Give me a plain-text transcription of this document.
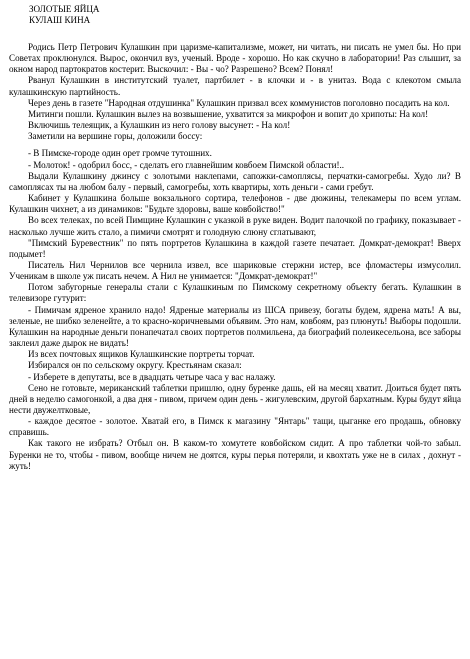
ЗОЛОТЫЕ ЯЙЦА
КУЛАШ КИНА

Родись Петр Петрович Кулашкин при царизме-капитализме, может, ни читать, ни писать не умел бы. Но при Советах проклюнулся. Вырос, окончил вуз, ученый. Вроде - хорошо. Но как скучно в лаборатории! Раз слышит, за окном народ партократов костерит. Выскочил: - Вы - чо? Разрешено? Всем? Понял!

Рванул Кулашкин в институтский туалет, партбилет - в клочки и - в унитаз. Вода с клекотом смыла кулашкинскую партийность.

Через день в газете "Народная отдушинка" Кулашкин призвал всех коммунистов поголовно посадить на кол.

Митинги пошли. Кулашкин вылез на возвышение, ухватится за микрофон и вопит до хрипоты: На кол!

Включишь телеящик, а Кулашкин из него голову высунет: - На кол!

Заметили на вершине горы, доложили боссу:

- В Пимске-городе один орет громче тутошних.

- Молоток! - одобрил босс, - сделать его главнейшим ковбоем Пимской области!..

Выдали Кулашкину джинсу с золотыми наклепами, сапожки-самоплясы, перчатки-самогребы. Худо ли? В самоплясах ты на любом балу - первый, самогребы, хоть квартиры, хоть деньги - сами гребут.

Кабинет у Кулашкина больше вокзального сортира, телефонов - две дюжины, телекамеры по всем углам. Кулашкин чихнет, а из динамиков: "Будьте здоровы, ваше ковбойство!"

Во всех телеках, по всей Пимщине Кулашкин с указкой в руке виден. Водит палочкой по графику, показывает - насколько лучше жить стало, а пимичи смотрят и голодную слюну сглатывают,

"Пимский Буревестник" по пять портретов Кулашкина в каждой газете печатает. Домкрат-демократ! Вверх подымет!

Писатель Нил Чернилов все чернила извел, все шариковые стержни истер, все фломастеры измусолил. Ученикам в школе уж писать нечем. А Нил не унимается: "Домкрат-демократ!"

Потом забугорные генералы стали с Кулашкиным по Пимскому секретному объекту бегать. Кулашкин в телевизоре гутурит:

- Пимичам ядреное хранило надо! Ядреные материалы из ШСА привезу, богаты будем, ядрена мать! А вы, зеленые, не шибко зеленейте, а то красно-коричневыми объявим. Это нам, ковбоям, раз плюнуть! Выборы подошли. Кулашкин на народные деньги понапечатал своих портретов полмильена, да биографий полеикесельона, все заборы заклеил даже дырок не видать!

Из всех почтовых ящиков Кулашкинские портреты торчат.

Избирался он по сельскому округу. Крестьянам сказал:

- Изберете в депутаты, все в двадцать четыре часа у вас налажу.

Сено не готовьте, мериканский таблетки пришлю, одну буренке дашь, ей на месяц хватит. Доиться будет пять дней в неделю самогонкой, а два дня - пивом, причем один день - жигулевским, другой бархатным. Куры будут яйца нести двужелтковые,

- каждое десятое - золотое. Хватай его, в Пимск к магазину "Янтарь" тащи, цыганке его продашь, обновку справишь.

Как такого не избрать? Отбыл он. В каком-то хомутете ковбойском сидит. А про таблетки чой-то забыл. Буренки не то, чтобы - пивом, вообще ничем не доятся, куры перья потеряли, и квохтать уже не в силах , дохнут - жуть!
